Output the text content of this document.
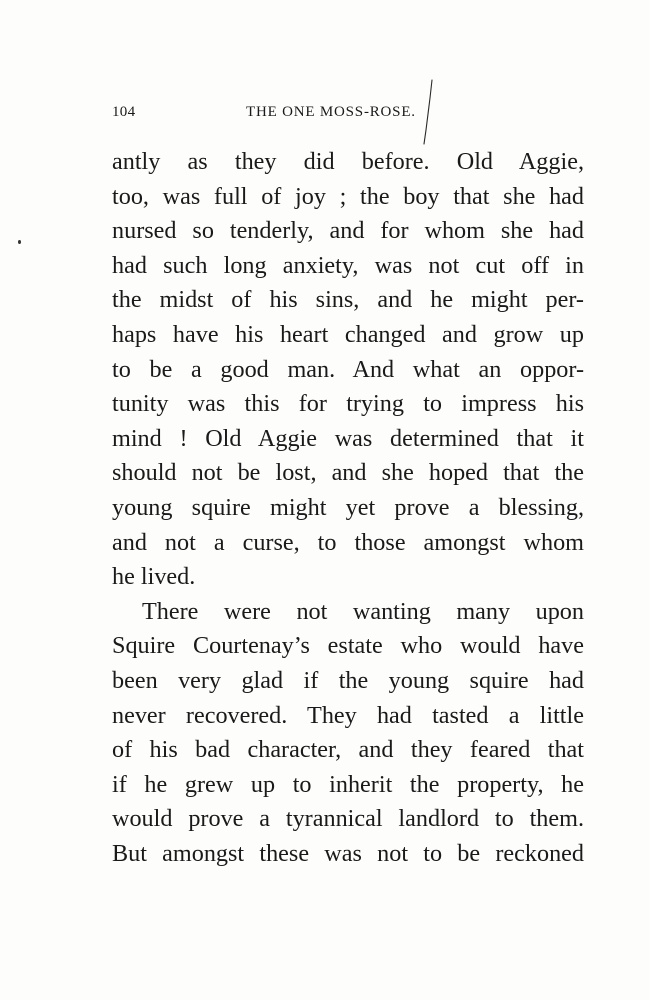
104	THE ONE MOSS-ROSE.
antly as they did before. Old Aggie,
too, was full of joy ; the boy that she had
nursed so tenderly, and for whom she had
had such long anxiety, was not cut off in
the midst of his sins, and he might per-
haps have his heart changed and grow up
to be a good man. And what an oppor-
tunity was this for trying to impress his
mind ! Old Aggie was determined that it
should not be lost, and she hoped that the
young squire might yet prove a blessing,
and not a curse, to those amongst whom
he lived.
There were not wanting many upon
Squire Courtenay’s estate who would have
been very glad if the young squire had
never recovered. They had tasted a little
of his bad character, and they feared that
if he grew up to inherit the property, he
would prove a tyrannical landlord to them.
But amongst these was not to be reckoned
